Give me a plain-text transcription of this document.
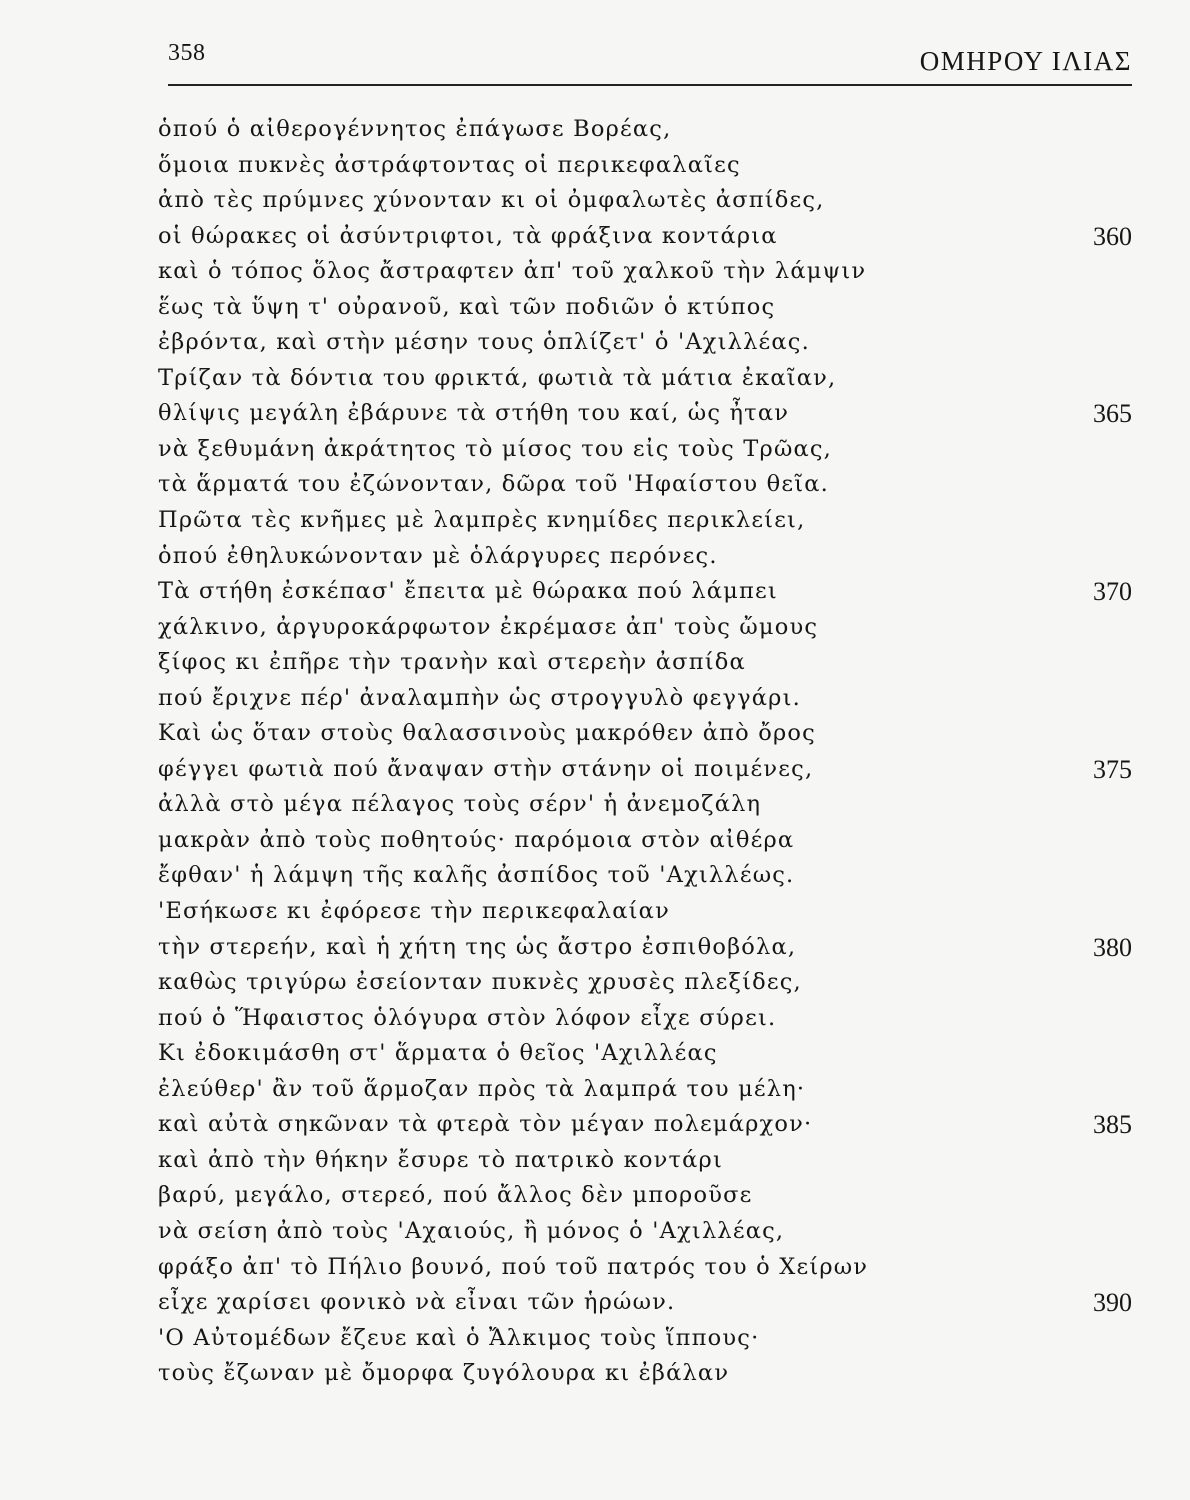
358	ΟΜΗΡΟΥ ΙΛΙΑΣ
ὁπού ὁ αἰθερογέννητος ἐπάγωσε Βορέας,
ὅμοια πυκνὲς ἀστράφτοντας οἱ περικεφαλαῖες
ἀπὸ τὲς πρύμνες χύνονταν κι οἱ ὀμφαλωτὲς ἀσπίδες,
οἱ θώρακες οἱ ἀσύντριφτοι, τὰ φράξινα κοντάρια	360
καὶ ὁ τόπος ὅλος ἄστραφτεν ἀπ' τοῦ χαλκοῦ τὴν λάμψιν
ἕως τὰ ὕψη τ' οὐρανοῦ, καὶ τῶν ποδιῶν ὁ κτύπος
ἐβρόντα, καὶ στὴν μέσην τους ὁπλίζετ' ὁ 'Αχιλλέας.
Τρίζαν τὰ δόντια του φρικτά, φωτιὰ τὰ μάτια ἐκαῖαν,
θλίψις μεγάλη ἐβάρυνε τὰ στήθη του καί, ὡς ἦταν	365
νὰ ξεθυμάνη ἀκράτητος τὸ μίσος του εἰς τοὺς Τρῶας,
τὰ ἅρματά του ἐζώνονταν, δῶρα τοῦ 'Ηφαίστου θεῖα.
Πρῶτα τὲς κνῆμες μὲ λαμπρὲς κνημίδες περικλείει,
ὁπού ἐθηλυκώνονταν μὲ ὁλάργυρες περόνες.
Τὰ στήθη ἐσκέπασ' ἔπειτα μὲ θώρακα πού λάμπει	370
χάλκινο, ἀργυροκάρφωτον ἐκρέμασε ἀπ' τοὺς ὤμους
ξίφος κι ἐπῆρε τὴν τρανὴν καὶ στερεὴν ἀσπίδα
πού ἔριχνε πέρ' ἀναλαμπὴν ὡς στρογγυλὸ φεγγάρι.
Καὶ ὡς ὅταν στοὺς θαλασσινοὺς μακρόθεν ἀπὸ ὄρος
φέγγει φωτιὰ πού ἄναψαν στὴν στάνην οἱ ποιμένες,	375
ἀλλὰ στὸ μέγα πέλαγος τοὺς σέρν' ἡ ἀνεμοζάλη
μακρὰν ἀπὸ τοὺς ποθητούς· παρόμοια στὸν αἰθέρα
ἔφθαν' ἡ λάμψη τῆς καλῆς ἀσπίδος τοῦ 'Αχιλλέως.
'Εσήκωσε κι ἐφόρεσε τὴν περικεφαλαίαν
τὴν στερεήν, καὶ ἡ χήτη της ὡς ἄστρο ἐσπιθοβόλα,	380
καθὼς τριγύρω ἐσείονταν πυκνὲς χρυσὲς πλεξίδες,
πού ὁ Ἥφαιστος ὁλόγυρα στὸν λόφον εἶχε σύρει.
Κι ἐδοκιμάσθη στ' ἅρματα ὁ θεῖος 'Αχιλλέας
ἐλεύθερ' ἂν τοῦ ἅρμοζαν πρὸς τὰ λαμπρά του μέλη·
καὶ αὐτὰ σηκῶναν τὰ φτερὰ τὸν μέγαν πολεμάρχον·	385
καὶ ἀπὸ τὴν θήκην ἔσυρε τὸ πατρικὸ κοντάρι
βαρύ, μεγάλο, στερεό, πού ἄλλος δὲν μποροῦσε
νὰ σείση ἀπὸ τοὺς 'Αχαιούς, ἢ μόνος ὁ 'Αχιλλέας,
φράξο ἀπ' τὸ Πήλιο βουνό, πού τοῦ πατρός του ὁ Χείρων
εἶχε χαρίσει φονικὸ νὰ εἶναι τῶν ἡρώων.	390
'Ο Αὐτομέδων ἔζευε καὶ ὁ Ἄλκιμος τοὺς ἵππους·
τοὺς ἔζωναν μὲ ὄμορφα ζυγόλουρα κι ἐβάλαν
